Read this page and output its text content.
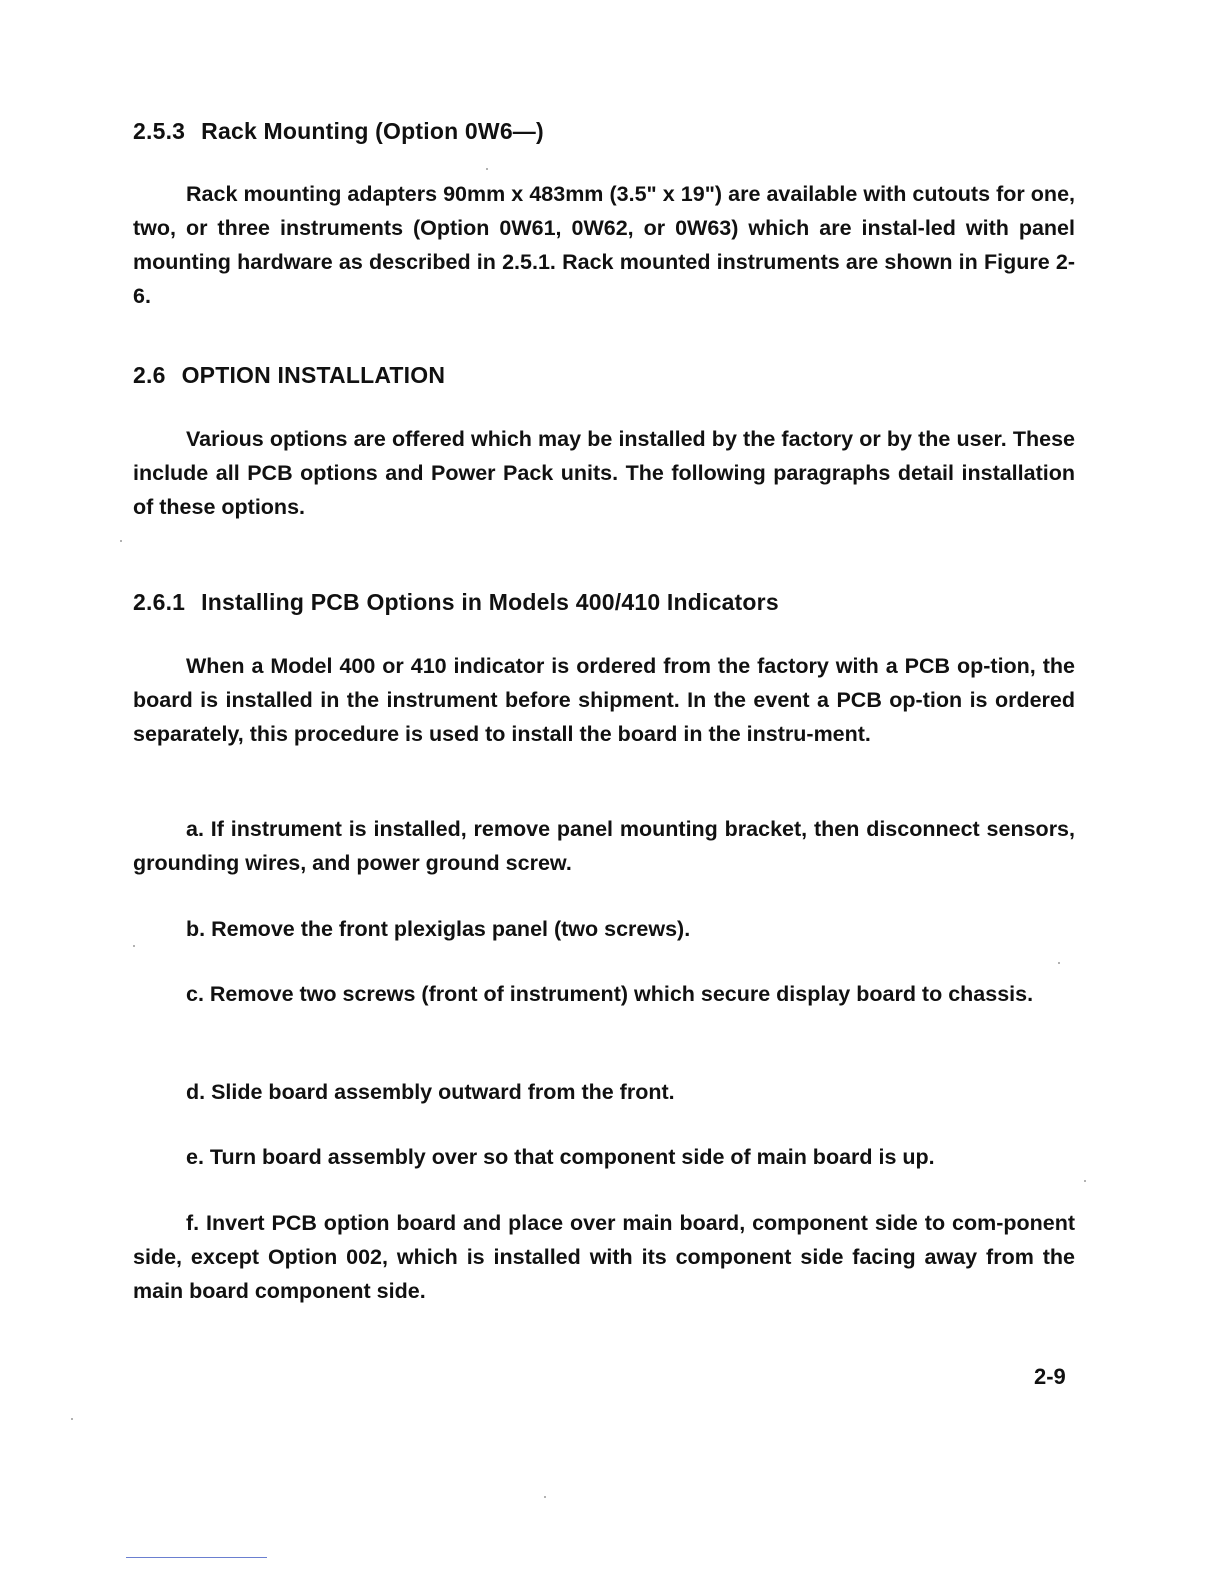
2.5.3 Rack Mounting (Option 0W6—)

Rack mounting adapters 90mm x 483mm (3.5" x 19") are available with cutouts for one, two, or three instruments (Option 0W61, 0W62, or 0W63) which are instal-led with panel mounting hardware as described in 2.5.1. Rack mounted instruments are shown in Figure 2-6.

2.6 OPTION INSTALLATION

Various options are offered which may be installed by the factory or by the user. These include all PCB options and Power Pack units. The following paragraphs detail installation of these options.

2.6.1 Installing PCB Options in Models 400/410 Indicators

When a Model 400 or 410 indicator is ordered from the factory with a PCB op-tion, the board is installed in the instrument before shipment. In the event a PCB op-tion is ordered separately, this procedure is used to install the board in the instru-ment.

a. If instrument is installed, remove panel mounting bracket, then disconnect sensors, grounding wires, and power ground screw.

b. Remove the front plexiglas panel (two screws).

c. Remove two screws (front of instrument) which secure display board to chassis.

d. Slide board assembly outward from the front.

e. Turn board assembly over so that component side of main board is up.

f. Invert PCB option board and place over main board, component side to com-ponent side, except Option 002, which is installed with its component side facing away from the main board component side.

2-9
